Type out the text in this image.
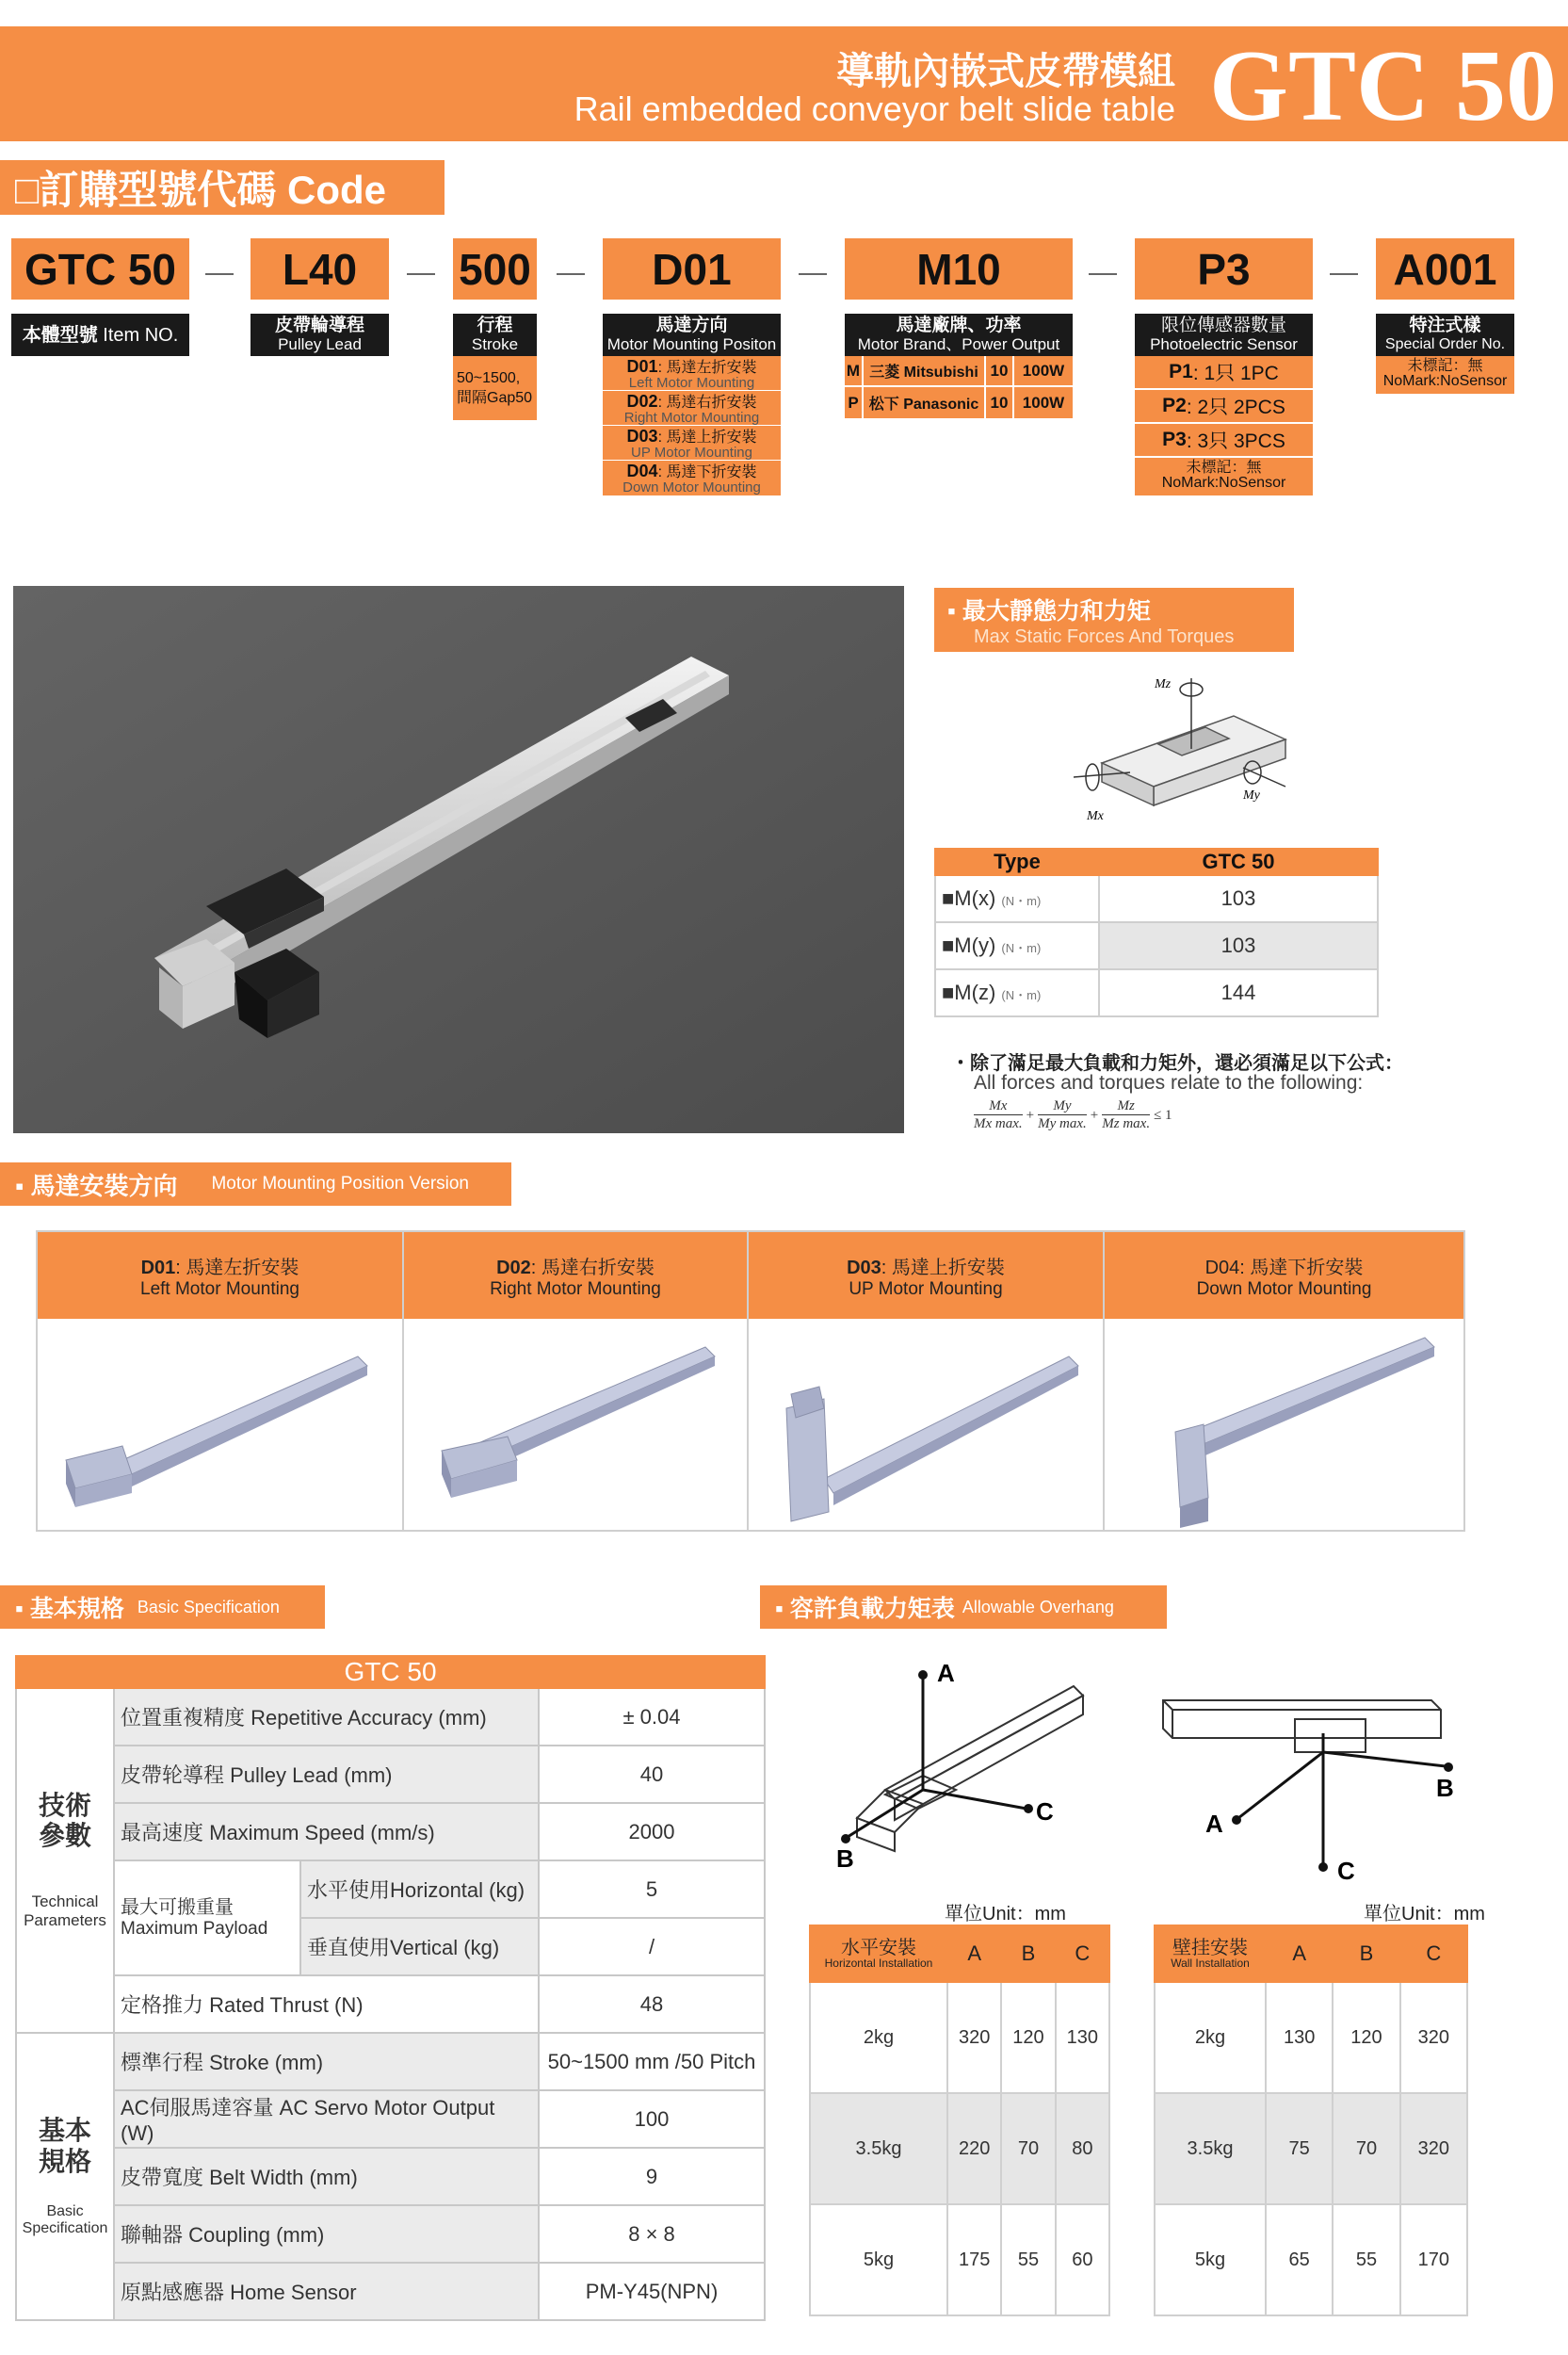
導軌內嵌式皮帶模組
Rail embedded conveyor belt slide table GTC 50
□訂購型號代碼 Code
GTC 50
本體型號
Item NO.
L40
皮帶輪導程
Pulley Lead
500
行程
Stroke
50~1500,
間隔Gap50
D01
馬達方向
Motor Mounting Positon
D01: 馬達左折安裝
Left Motor Mounting
D02: 馬達右折安裝
Right Motor Mounting
D03: 馬達上折安裝
UP Motor Mounting
D04: 馬達下折安裝
Down Motor Mounting
M10
馬達廠牌、功率
Motor Brand、Power Output
M 三菱 Mitsubishi 10 100W
P 松下 Panasonic 10 100W
P3
限位傳感器數量
Photoelectric Sensor
P1 : 1只 1PC
P2 : 2只 2PCS
P3 : 3只 3PCS
未標記：無
NoMark:NoSensor
A001
特注式樣
Special Order No.
未標記：無
NoMark:NoSensor
▪ 最大靜態力和力矩
Max Static Forces And Torques
Mz
Mx
My
Type	GTC 50
■M(x) (N・m)	103
■M(y) (N・m)	103
■M(z) (N・m)	144
・除了滿足最大負載和力矩外，還必須滿足以下公式：
All forces and torques relate to the following:
Mx
Mx max.
+
My
My max.
+
Mz
Mz max.
≤ 1
▪ 馬達安裝方向 Motor Mounting Position Version
D01: 馬達左折安裝
Left Motor Mounting
D02: 馬達右折安裝
Right Motor Mounting
D03: 馬達上折安裝
UP Motor Mounting
D04: 馬達下折安裝
Down Motor Mounting
▪ 基本規格 Basic Specification
GTC 50			

技術參數
Technical Parameters	位置重複精度 Repetitive Accuracy (mm)		± 0.04
	皮帶轮導程 Pulley Lead (mm)		40
	最高速度 Maximum Speed (mm/s)		2000

	最大可搬重量
Maximum Payload	水平使用Horizontal (kg)	5
		垂直使用Vertical (kg)	/
	定格推力 Rated Thrust (N)		48

基本規格
Basic Specification	標準行程 Stroke (mm)		50~1500 mm /50 Pitch
	AC伺服馬達容量 AC Servo Motor Output (W)		100
	皮帶寬度 Belt Width (mm)		9
	聯軸器 Coupling (mm)		8 × 8
	原點感應器 Home Sensor		PM-Y45(NPN)
▪ 容許負載力矩表 Allowable Overhang
A
C
B	C
A
B
單位Unit：mm	單位Unit：mm
水平安裝
Horizontal Installation	A	B	C
2kg	320	120	130
3.5kg	220	70	80
5kg	175	55	60
壁挂安裝
Wall Installation	A	B	C
2kg	130	120	320
3.5kg	75	70	320
5kg	65	55	170
